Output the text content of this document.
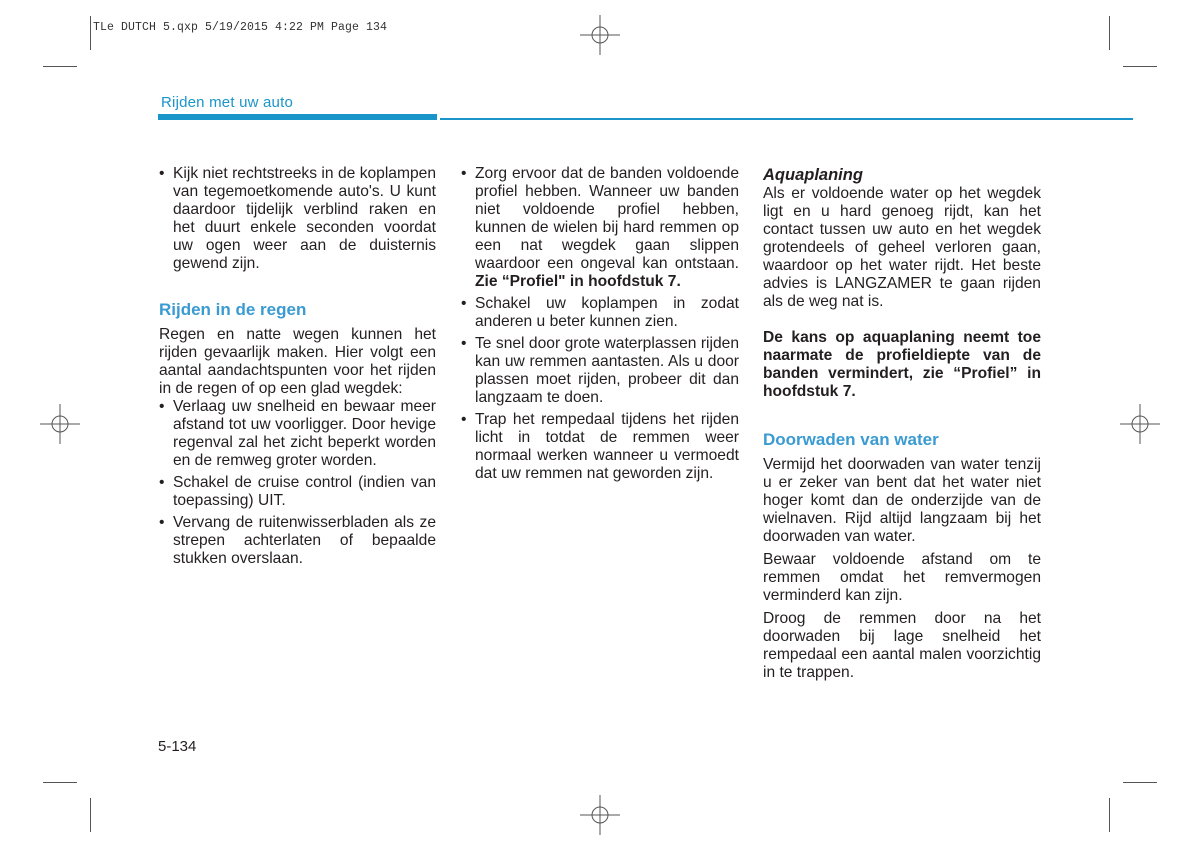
TLe DUTCH 5.qxp 5/19/2015 4:22 PM Page 134
Rijden met uw auto
• Kijk niet rechtstreeks in de koplampen van tegemoetkomende auto's. U kunt daardoor tijdelijk verblind raken en het duurt enkele seconden voordat uw ogen weer aan de duisternis gewend zijn.
Rijden in de regen

Regen en natte wegen kunnen het rijden gevaarlijk maken. Hier volgt een aantal aandachtspunten voor het rijden in de regen of op een glad wegdek:

• Verlaag uw snelheid en bewaar meer afstand tot uw voorligger. Door hevige regenval zal het zicht beperkt worden en de remweg groter worden.
• Schakel de cruise control (indien van toepassing) UIT.
• Vervang de ruitenwisserbladen als ze strepen achterlaten of bepaalde stukken overslaan.
• Zorg ervoor dat de banden voldoende profiel hebben. Wanneer uw banden niet voldoende profiel hebben, kunnen de wielen bij hard remmen op een nat wegdek gaan slippen waardoor een ongeval kan ontstaan. Zie “Profiel" in hoofdstuk 7.
• Schakel uw koplampen in zodat anderen u beter kunnen zien.
• Te snel door grote waterplassen rijden kan uw remmen aantasten. Als u door plassen moet rijden, probeer dit dan langzaam te doen.
• Trap het rempedaal tijdens het rijden licht in totdat de remmen weer normaal werken wanneer u vermoedt dat uw remmen nat geworden zijn.
Aquaplaning

Als er voldoende water op het wegdek ligt en u hard genoeg rijdt, kan het contact tussen uw auto en het wegdek grotendeels of geheel verloren gaan, waardoor op het water rijdt. Het beste advies is LANGZAMER te gaan rijden als de weg nat is.

De kans op aquaplaning neemt toe naarmate de profieldiepte van de banden vermindert, zie “Profiel” in hoofdstuk 7.

Doorwaden van water

Vermijd het doorwaden van water tenzij u er zeker van bent dat het water niet hoger komt dan de onderzijde van de wielnaven. Rijd altijd langzaam bij het doorwaden van water.

Bewaar voldoende afstand om te remmen omdat het remvermogen verminderd kan zijn.

Droog de remmen door na het doorwaden bij lage snelheid het rempedaal een aantal malen voorzichtig in te trappen.

5-134
